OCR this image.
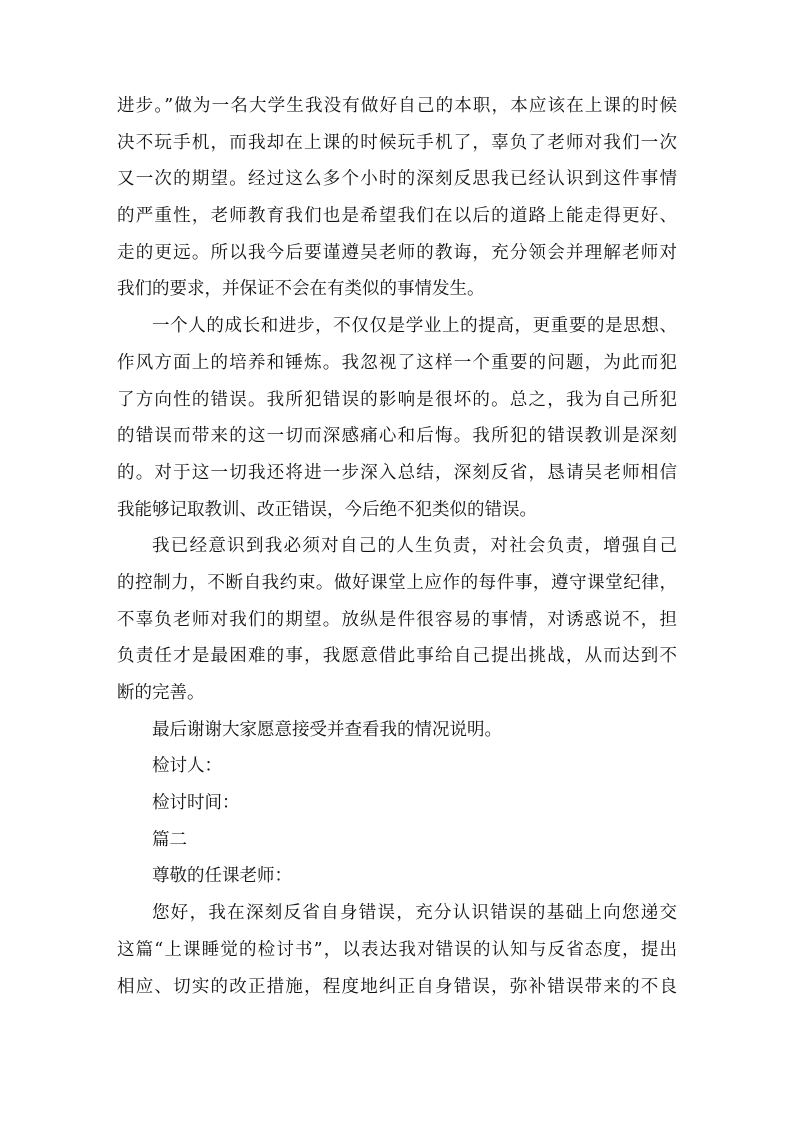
进步。”做为一名大学生我没有做好自己的本职，本应该在上课的时候
决不玩手机，而我却在上课的时候玩手机了，辜负了老师对我们一次
又一次的期望。经过这么多个小时的深刻反思我已经认识到这件事情
的严重性，老师教育我们也是希望我们在以后的道路上能走得更好、
走的更远。所以我今后要谨遵吴老师的教诲，充分领会并理解老师对
我们的要求，并保证不会在有类似的事情发生。
一个人的成长和进步，不仅仅是学业上的提高，更重要的是思想、
作风方面上的培养和锤炼。我忽视了这样一个重要的问题，为此而犯
了方向性的错误。我所犯错误的影响是很坏的。总之，我为自己所犯
的错误而带来的这一切而深感痛心和后悔。我所犯的错误教训是深刻
的。对于这一切我还将进一步深入总结，深刻反省，恳请吴老师相信
我能够记取教训、改正错误，今后绝不犯类似的错误。
我已经意识到我必须对自己的人生负责，对社会负责，增强自己
的控制力，不断自我约束。做好课堂上应作的每件事，遵守课堂纪律，
不辜负老师对我们的期望。放纵是件很容易的事情，对诱惑说不，担
负责任才是最困难的事，我愿意借此事给自己提出挑战，从而达到不
断的完善。
最后谢谢大家愿意接受并查看我的情况说明。
检讨人：
检讨时间：
篇二
尊敬的任课老师：
您好，我在深刻反省自身错误，充分认识错误的基础上向您递交
这篇“上课睡觉的检讨书”，以表达我对错误的认知与反省态度，提出
相应、切实的改正措施，程度地纠正自身错误，弥补错误带来的不良
